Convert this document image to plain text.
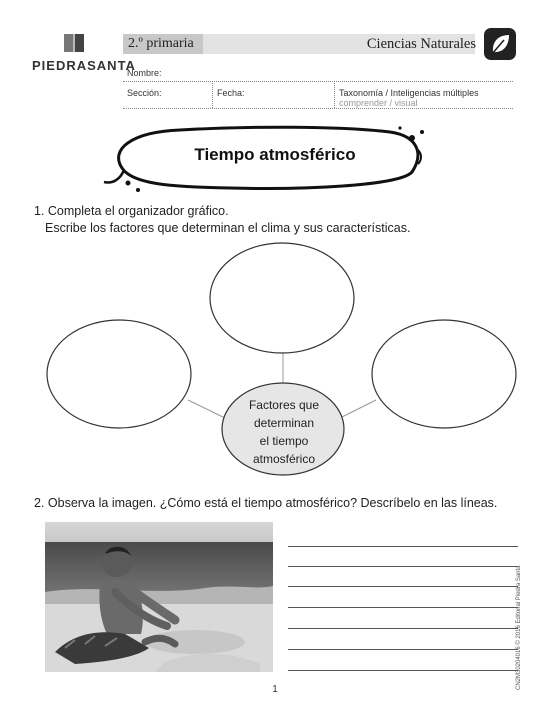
PIEDRASANTA
2.º primaria	Ciencias Naturales
Nombre:
Sección:	Fecha:	Taxonomía / Inteligencias múltiples
comprender / visual
Tiempo atmosférico
1. Completa el organizador gráfico.
Escribe los factores que determinan el clima y sus características.
Factores que
determinan
el tiempo
atmosférico
2. Observa la imagen. ¿Cómo está el tiempo atmosférico? Descríbelo en las líneas.
CN2M30204016 © 2016 Editorial Piedra Santa
1
